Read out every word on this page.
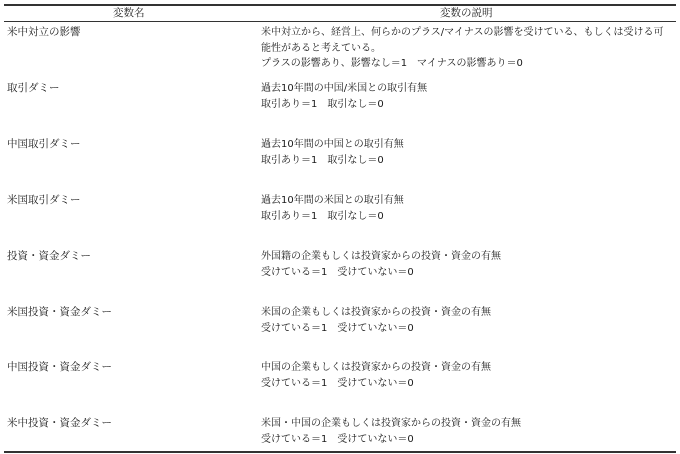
変数名	変数の説明
米中対立の影響	米中対立から、経営上、何らかのプラス/マイナスの影響を受けている、もしくは受ける可
能性があると考えている。
プラスの影響あり、影響なし＝1　マイナスの影響あり＝0
取引ダミー	過去10年間の中国/米国との取引有無
取引あり＝1　取引なし＝0
中国取引ダミー	過去10年間の中国との取引有無
取引あり＝1　取引なし＝0
米国取引ダミー	過去10年間の米国との取引有無
取引あり＝1　取引なし＝0
投資・資金ダミー	外国籍の企業もしくは投資家からの投資・資金の有無
受けている＝1　受けていない＝0
米国投資・資金ダミー	米国の企業もしくは投資家からの投資・資金の有無
受けている＝1　受けていない＝0
中国投資・資金ダミー	中国の企業もしくは投資家からの投資・資金の有無
受けている＝1　受けていない＝0
米中投資・資金ダミー	米国・中国の企業もしくは投資家からの投資・資金の有無
受けている＝1　受けていない＝0
